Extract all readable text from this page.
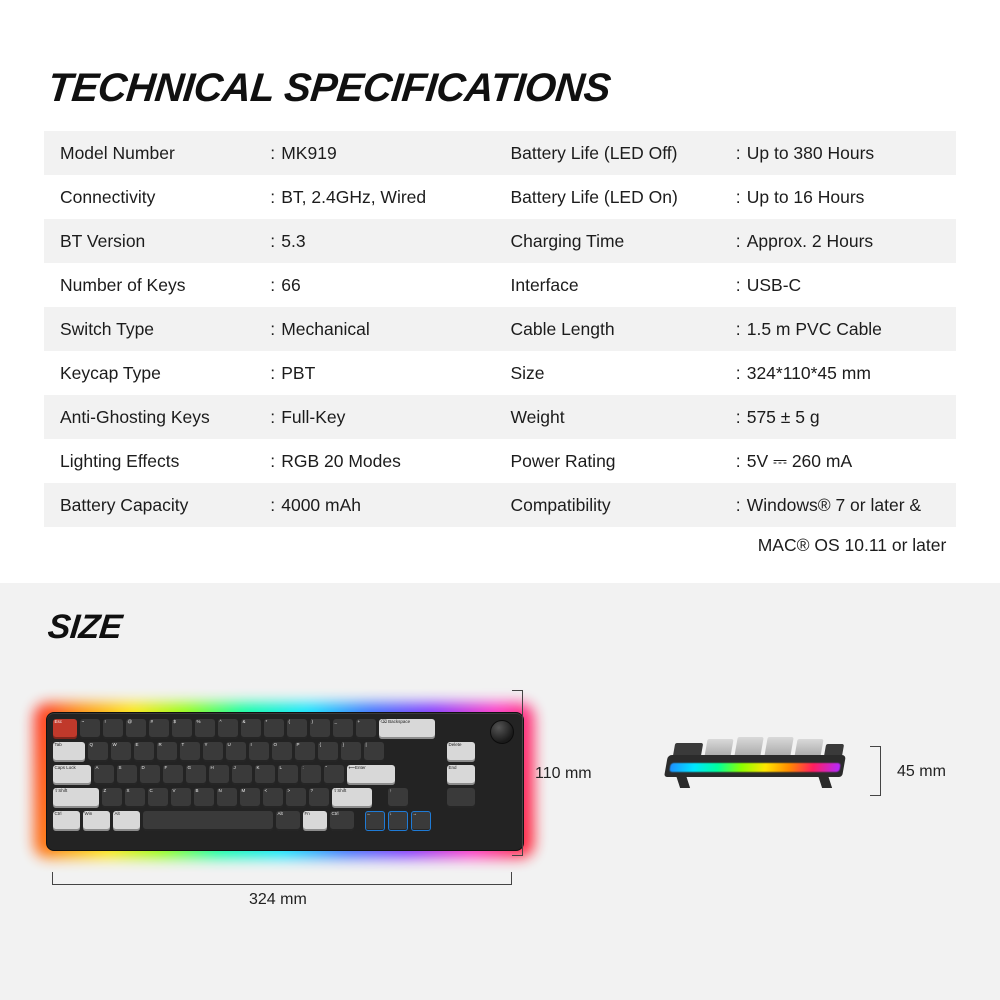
TECHNICAL SPECIFICATIONS
Model Number	: MK919	Battery Life (LED Off)	: Up to 380 Hours
Connectivity	: BT, 2.4GHz, Wired	Battery Life (LED On)	: Up to 16 Hours
BT Version	: 5.3	Charging Time	: Approx. 2 Hours
Number of Keys	: 66	Interface	: USB-C
Switch Type	: Mechanical	Cable Length	: 1.5 m PVC Cable
Keycap Type	: PBT	Size	: 324*110*45 mm
Anti-Ghosting Keys	: Full-Key	Weight	: 575 ± 5 g
Lighting Effects	: RGB 20 Modes	Power Rating	: 5V ⎓ 260 mA
Battery Capacity	: 4000 mAh	Compatibility	: Windows® 7 or later &
			MAC® OS 10.11 or later
SIZE
Esc	~	!	@	#	$	%	^	&	*	(	)	_	+	⌫ Backspace
Tab	Q	W	E	R	T	Y	U	I	O	P	{	}	|	Delete
Caps Lock	A	S	D	F	G	H	J	K	L	:	"	⟵Enter	End
⇧Shift	Z	X	C	V	B	N	M	<	>	?	⇧Shift	↑
Ctrl	Win	Alt	Alt	Fn	Ctrl	←	↓	→
324 mm
110 mm	45 mm
